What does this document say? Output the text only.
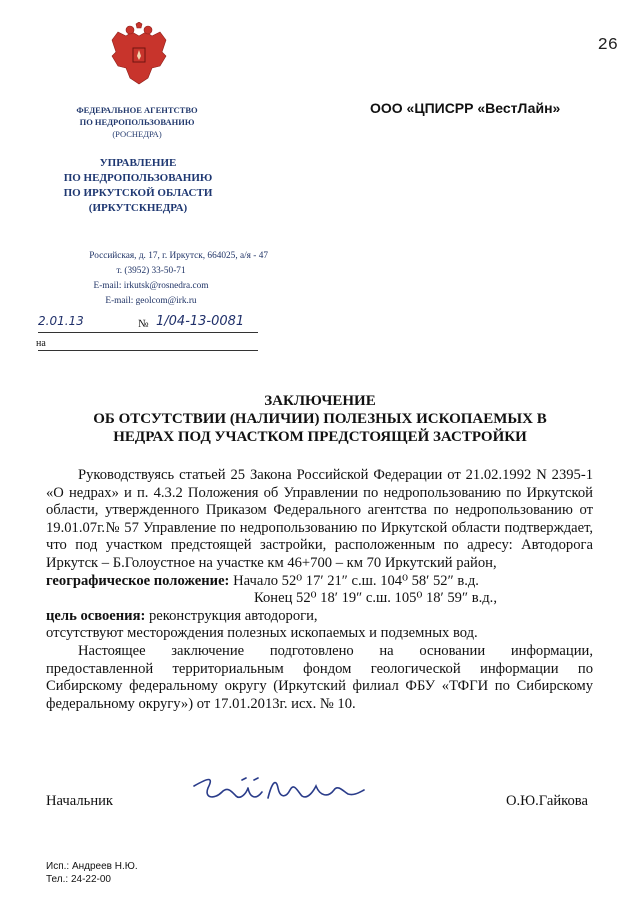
26
ФЕДЕРАЛЬНОЕ АГЕНТСТВО
ПО НЕДРОПОЛЬЗОВАНИЮ
(РОСНЕДРА)
УПРАВЛЕНИЕ
ПО НЕДРОПОЛЬЗОВАНИЮ
ПО ИРКУТСКОЙ ОБЛАСТИ
(ИРКУТСКНЕДРА)
Российская, д. 17, г. Иркутск, 664025, а/я - 47
т. (3952) 33-50-71
E-mail: irkutsk@rosnedra.com
E-mail: geolcom@irk.ru
2.01.13	№ 1/04-13-0081
на
ООО «ЦПИСРР «ВестЛайн»
ЗАКЛЮЧЕНИЕ
ОБ ОТСУТСТВИИ (НАЛИЧИИ) ПОЛЕЗНЫХ ИСКОПАЕМЫХ В
НЕДРАХ ПОД УЧАСТКОМ ПРЕДСТОЯЩЕЙ ЗАСТРОЙКИ

Руководствуясь статьей 25 Закона Российской Федерации от 21.02.1992 N 2395-1 «О недрах» и п. 4.3.2 Положения об Управлении по недропользованию по Иркутской области, утвержденного Приказом Федерального агентства по недропользованию от 19.01.07г.№ 57 Управление по недропользованию по Иркутской области подтверждает, что под участком предстоящей застройки, расположенным по адресу: Автодорога Иркутск – Б.Голоустное на участке км 46+700 – км 70 Иркутский район,

географическое положение: Начало 52⁰ 17′ 21″ с.ш. 104⁰ 58′ 52″ в.д.

Конец 52⁰ 18′ 19″ с.ш. 105⁰ 18′ 59″ в.д.,

цель освоения: реконструкция автодороги,

отсутствуют месторождения полезных ископаемых и подземных вод.

Настоящее заключение подготовлено на основании информации, предоставленной территориальным фондом геологической информации по Сибирскому федеральному округу (Иркутский филиал ФБУ «ТФГИ по Сибирскому федеральному округу») от 17.01.2013г. исх. № 10.

Начальник	О.Ю.Гайкова
Исп.: Андреев Н.Ю.
Тел.: 24-22-00
